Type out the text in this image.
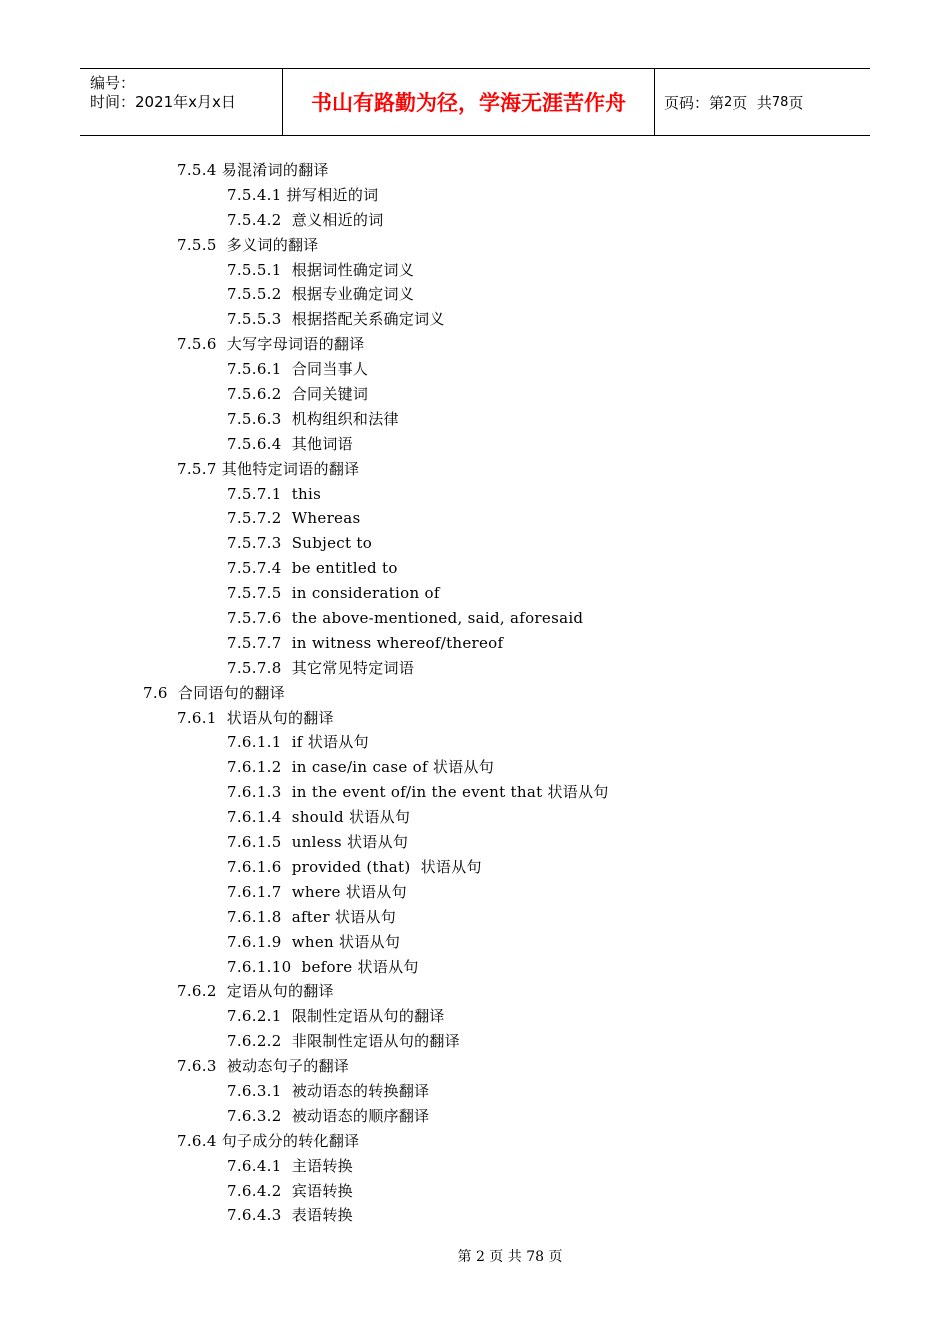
编号：
时间：2021年x月x日	书山有路勤为径，学海无涯苦作舟	页码：第 2 页  共 78 页
7.5.4 易混淆词的翻译
7.5.4.1 拼写相近的词
7.5.4.2  意义相近的词
7.5.5  多义词的翻译
7.5.5.1  根据词性确定词义
7.5.5.2  根据专业确定词义
7.5.5.3  根据搭配关系确定词义
7.5.6  大写字母词语的翻译
7.5.6.1  合同当事人
7.5.6.2  合同关键词
7.5.6.3  机构组织和法律
7.5.6.4  其他词语
7.5.7 其他特定词语的翻译
7.5.7.1  this
7.5.7.2  Whereas
7.5.7.3  Subject to
7.5.7.4  be entitled to
7.5.7.5  in consideration of
7.5.7.6  the above-mentioned, said, aforesaid
7.5.7.7  in witness whereof/thereof
7.5.7.8  其它常见特定词语
7.6  合同语句的翻译
7.6.1  状语从句的翻译
7.6.1.1  if 状语从句
7.6.1.2  in case/in case of 状语从句
7.6.1.3  in the event of/in the event that 状语从句
7.6.1.4  should 状语从句
7.6.1.5  unless 状语从句
7.6.1.6  provided (that)  状语从句
7.6.1.7  where 状语从句
7.6.1.8  after 状语从句
7.6.1.9  when 状语从句
7.6.1.10  before 状语从句
7.6.2  定语从句的翻译
7.6.2.1  限制性定语从句的翻译
7.6.2.2  非限制性定语从句的翻译
7.6.3  被动态句子的翻译
7.6.3.1  被动语态的转换翻译
7.6.3.2  被动语态的顺序翻译
7.6.4 句子成分的转化翻译
7.6.4.1  主语转换
7.6.4.2  宾语转换
7.6.4.3  表语转换
第 2 页 共 78 页
